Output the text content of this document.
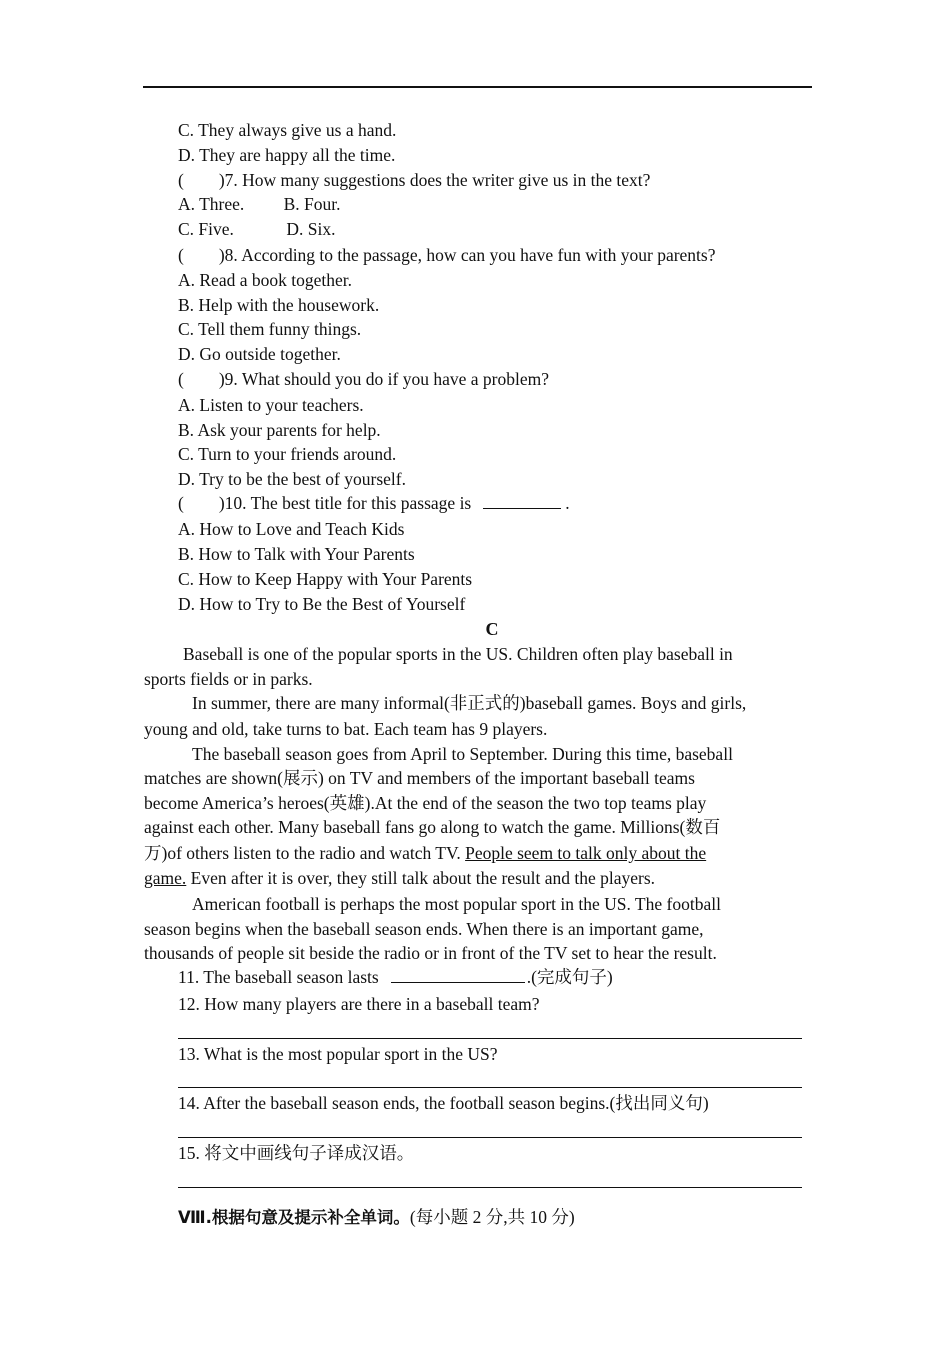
C. They always give us a hand.
D. They are happy all the time.
(　　)7. How many suggestions does the writer give us in the text?
A. Three.　　 B. Four.
C. Five.　　　D. Six.
(　　)8. According to the passage, how can you have fun with your parents?
A. Read a book together.
B. Help with the housework.
C. Tell them funny things.
D. Go outside together.
(　　)9. What should you do if you have a problem?
A. Listen to your teachers.
B. Ask your parents for help.
C. Turn to your friends around.
D. Try to be the best of yourself.
(　　)10. The best title for this passage is	.
A. How to Love and Teach Kids
B. How to Talk with Your Parents
C. How to Keep Happy with Your Parents
D. How to Try to Be the Best of Yourself
C
Baseball is one of the popular sports in the US. Children often play baseball in
sports fields or in parks.
In summer, there are many informal(非正式的)baseball games. Boys and girls,
young and old, take turns to bat. Each team has 9 players.
The baseball season goes from April to September. During this time, baseball
matches are shown(展示) on TV and members of the important baseball teams
become America’s heroes(英雄).At the end of the season the two top teams play
against each other. Many baseball fans go along to watch the game. Millions(数百
万)of others listen to the radio and watch TV. People seem to talk only about the
game. Even after it is over, they still talk about the result and the players.
American football is perhaps the most popular sport in the US. The football
season begins when the baseball season ends. When there is an important game,
thousands of people sit beside the radio or in front of the TV set to hear the result.
11. The baseball season lasts	.(完成句子)
12. How many players are there in a baseball team?
13. What is the most popular sport in the US?
14. After the baseball season ends, the football season begins.(找出同义句)
15. 将文中画线句子译成汉语。
Ⅷ.根据句意及提示补全单词。(每小题 2 分,共 10 分)
